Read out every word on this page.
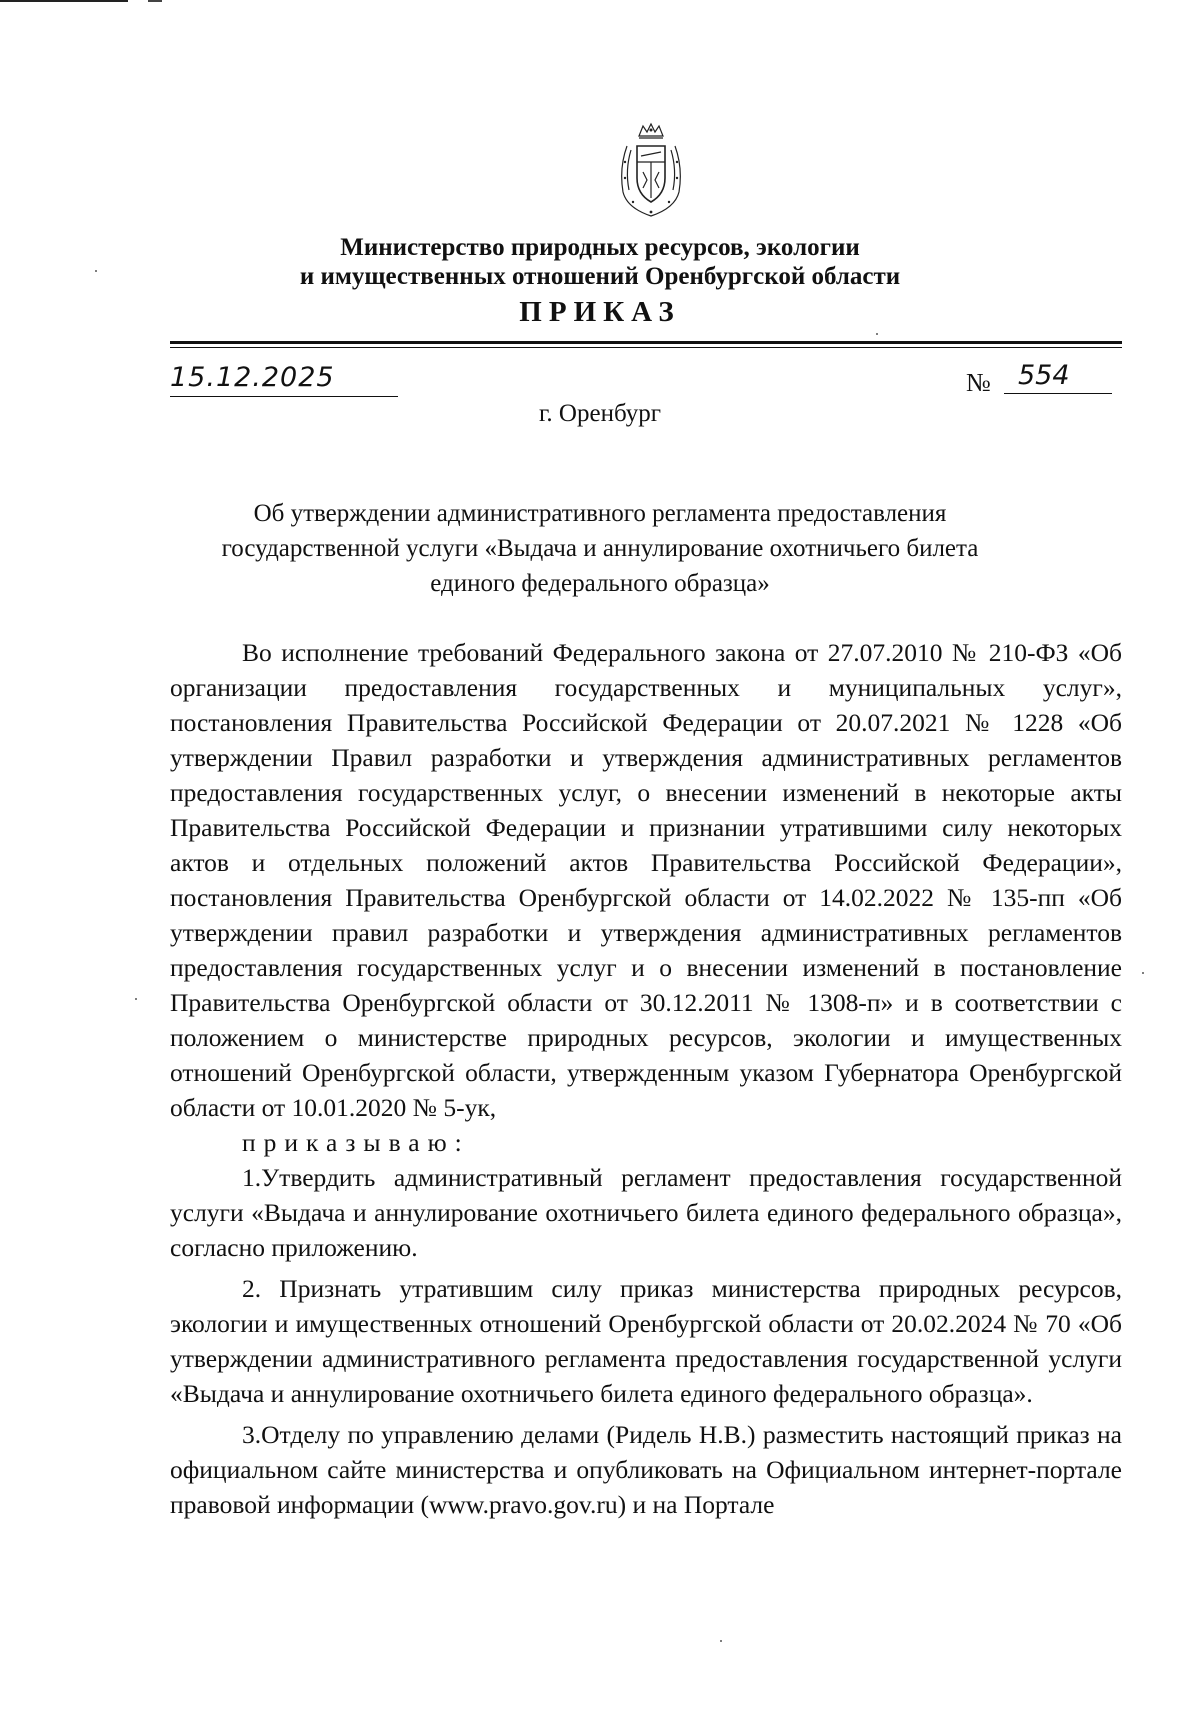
Министерство природных ресурсов, экологии
и имущественных отношений Оренбургской области
ПРИКАЗ
15.12.2025	№	554
г. Оренбург
Об утверждении административного регламента предоставления
государственной услуги «Выдача и аннулирование охотничьего билета
единого федерального образца»

Во исполнение требований Федерального закона от 27.07.2010 № 210-ФЗ «Об организации предоставления государственных и муниципальных услуг», постановления Правительства Российской Федерации от 20.07.2021 № 1228 «Об утверждении Правил разработки и утверждения административных регламентов предоставления государственных услуг, о внесении изменений в некоторые акты Правительства Российской Федерации и признании утратившими силу некоторых актов и отдельных положений актов Правительства Российской Федерации», постановления Правительства Оренбургской области от 14.02.2022 № 135-пп «Об утверждении правил разработки и утверждения административных регламентов предоставления государственных услуг и о внесении изменений в постановление Правительства Оренбургской области от 30.12.2011 № 1308-п» и в соответствии с положением о министерстве природных ресурсов, экологии и имущественных отношений Оренбургской области, утвержденным указом Губернатора Оренбургской области от 10.01.2020 № 5-ук,

приказываю:

1.Утвердить административный регламент предоставления государственной услуги «Выдача и аннулирование охотничьего билета единого федерального образца», согласно приложению.

2. Признать утратившим силу приказ министерства природных ресурсов, экологии и имущественных отношений Оренбургской области от 20.02.2024 № 70 «Об утверждении административного регламента предоставления государственной услуги «Выдача и аннулирование охотничьего билета единого федерального образца».

3.Отделу по управлению делами (Ридель Н.В.) разместить настоящий приказ на официальном сайте министерства и опубликовать на Официальном интернет-портале правовой информации (www.pravo.gov.ru) и на Портале
